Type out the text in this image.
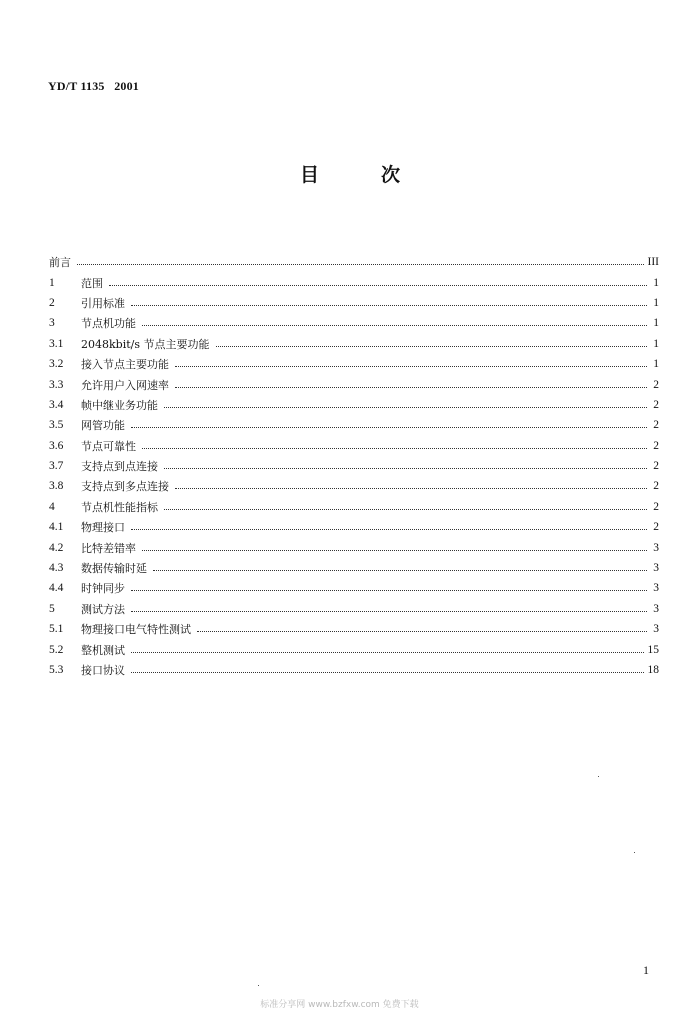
YD/T 1135   2001
目	次
前言	III
1	范围	1
2	引用标准	1
3	节点机功能	1
3.1	2048kbit/s 节点主要功能	1
3.2	接入节点主要功能	1
3.3	允许用户入网速率	2
3.4	帧中继业务功能	2
3.5	网管功能	2
3.6	节点可靠性	2
3.7	支持点到点连接	2
3.8	支持点到多点连接	2
4	节点机性能指标	2
4.1	物理接口	2
4.2	比特差错率	3
4.3	数据传输时延	3
4.4	时钟同步	3
5	测试方法	3
5.1	物理接口电气特性测试	3
5.2	整机测试	15
5.3	接口协议	18
1
标准分享网 www.bzfxw.com 免费下载
